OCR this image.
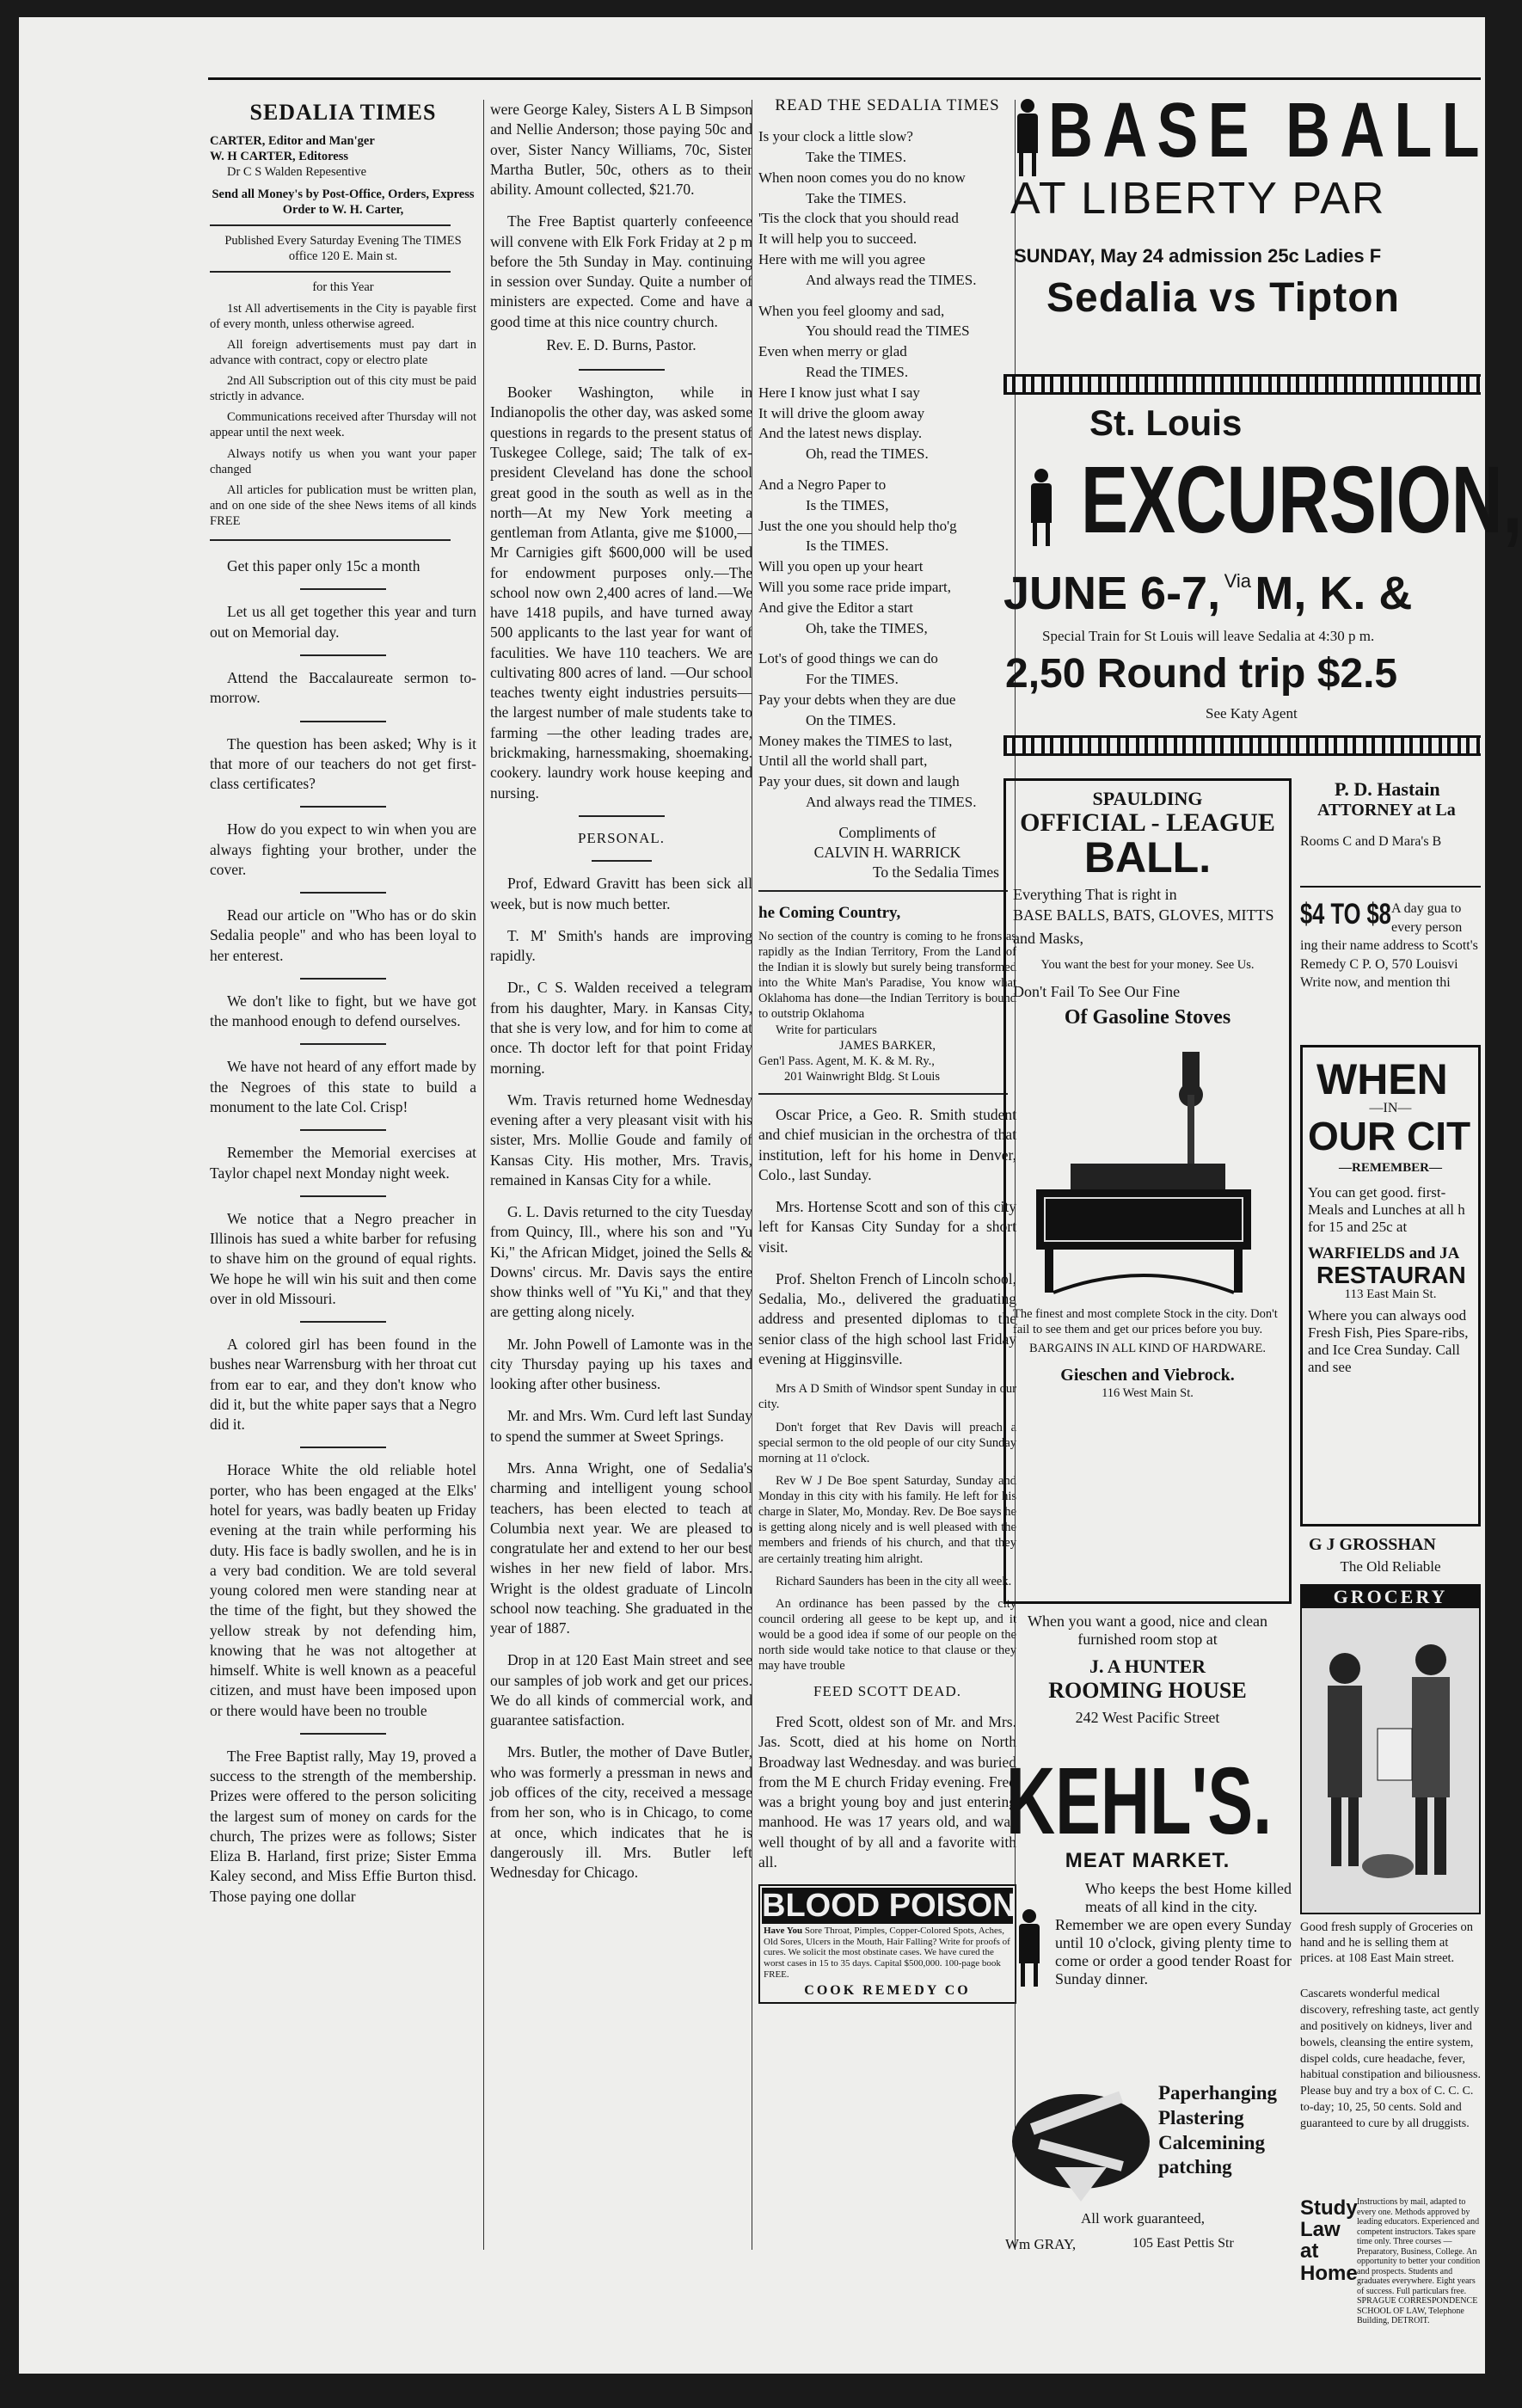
SEDALIA TIMES
CARTER, Editor and Man'ger
W. H CARTER, Editoress
Dr C S Walden Repesentive
Send all Money's by Post-Office, Orders, Express Order to W. H. Carter,
Published Every Saturday Evening The TIMES office 120 E. Main st.
for this Year

1st All advertisements in the City is payable first of every month, unless otherwise agreed.

All foreign advertisements must pay dart in advance with contract, copy or electro plate

2nd All Subscription out of this city must be paid strictly in advance.

Communications received after Thursday will not appear until the next week.

Always notify us when you want your paper changed

All articles for publication must be written plan, and on one side of the shee News items of all kinds FREE

Get this paper only 15c a month

Let us all get together this year and turn out on Memorial day.

Attend the Baccalaureate sermon to-morrow.

The question has been asked; Why is it that more of our teachers do not get first-class certificates?

How do you expect to win when you are always fighting your brother, under the cover.

Read our article on "Who has or do skin Sedalia people" and who has been loyal to her enterest.

We don't like to fight, but we have got the manhood enough to defend ourselves.

We have not heard of any effort made by the Negroes of this state to build a monument to the late Col. Crisp!

Remember the Memorial exercises at Taylor chapel next Monday night week.

We notice that a Negro preacher in Illinois has sued a white barber for refusing to shave him on the ground of equal rights. We hope he will win his suit and then come over in old Missouri.

A colored girl has been found in the bushes near Warrensburg with her throat cut from ear to ear, and they don't know who did it, but the white paper says that a Negro did it.

Horace White the old reliable hotel porter, who has been engaged at the Elks' hotel for years, was badly beaten up Friday evening at the train while performing his duty. His face is badly swollen, and he is in a very bad condition. We are told several young colored men were standing near at the time of the fight, but they showed the yellow streak by not defending him, knowing that he was not altogether at himself. White is well known as a peaceful citizen, and must have been imposed upon or there would have been no trouble

The Free Baptist rally, May 19, proved a success to the strength of the membership. Prizes were offered to the person soliciting the largest sum of money on cards for the church, The prizes were as follows; Sister Eliza B. Harland, first prize; Sister Emma Kaley second, and Miss Effie Burton thisd. Those paying one dollar

were George Kaley, Sisters A L B Simpson and Nellie Anderson; those paying 50c and over, Sister Nancy Williams, 70c, Sister Martha Butler, 50c, others as to their ability. Amount collected, $21.70.

The Free Baptist quarterly confeeence will convene with Elk Fork Friday at 2 p m before the 5th Sunday in May. continuing in session over Sunday. Quite a number of ministers are expected. Come and have a good time at this nice country church.

Rev. E. D. Burns, Pastor.

Booker Washington, while in Indianopolis the other day, was asked some questions in regards to the present status of Tuskegee College, said; The talk of ex-president Cleveland has done the school great good in the south as well as in the north—At my New York meeting a gentleman from Atlanta, give me $1000,—Mr Carnigies gift $600,000 will be used for endowment purposes only.—The school now own 2,400 acres of land.—We have 1418 pupils, and have turned away 500 applicants to the last year for want of faculities. We have 110 teachers. We are cultivating 800 acres of land. —Our school teaches twenty eight industries persuits—the largest number of male students take to farming —the other leading trades are, brickmaking, harnessmaking, shoemaking. cookery. laundry work house keeping and nursing.

PERSONAL.

Prof, Edward Gravitt has been sick all week, but is now much better.

T. M' Smith's hands are improving rapidly.

Dr., C S. Walden received a telegram from his daughter, Mary. in Kansas City, that she is very low, and for him to come at once. Th doctor left for that point Friday morning.

Wm. Travis returned home Wednesday evening after a very pleasant visit with his sister, Mrs. Mollie Goude and family of Kansas City. His mother, Mrs. Travis, remained in Kansas City for a while.

G. L. Davis returned to the city Tuesday from Quincy, Ill., where his son and "Yu Ki," the African Midget, joined the Sells & Downs' circus. Mr. Davis says the entire show thinks well of "Yu Ki," and that they are getting along nicely.

Mr. John Powell of Lamonte was in the city Thursday paying up his taxes and looking after other business.

Mr. and Mrs. Wm. Curd left last Sunday to spend the summer at Sweet Springs.

Mrs. Anna Wright, one of Sedalia's charming and intelligent young school teachers, has been elected to teach at Columbia next year. We are pleased to congratulate her and extend to her our best wishes in her new field of labor. Mrs. Wright is the oldest graduate of Lincoln school now teaching. She graduated in the year of 1887.

Drop in at 120 East Main street and see our samples of job work and get our prices. We do all kinds of commercial work, and guarantee satisfaction.

Mrs. Butler, the mother of Dave Butler, who was formerly a pressman in news and job offices of the city, received a message from her son, who is in Chicago, to come at once, which indicates that he is dangerously ill. Mrs. Butler left Wednesday for Chicago.

READ THE SEDALIA TIMES
Is your clock a little slow?
Take the TIMES.
When noon comes you do no know
Take the TIMES.
'Tis the clock that you should read
It will help you to succeed.
Here with me will you agree
And always read the TIMES.
When you feel gloomy and sad,
You should read the TIMES
Even when merry or glad
Read the TIMES.
Here I know just what I say
It will drive the gloom away
And the latest news display.
Oh, read the TIMES.
And a Negro Paper to
Is the TIMES,
Just the one you should help tho'g
Is the TIMES.
Will you open up your heart
Will you some race pride impart,
And give the Editor a start
Oh, take the TIMES,
Lot's of good things we can do
For the TIMES.
Pay your debts when they are due
On the TIMES.
Money makes the TIMES to last,
Until all the world shall part,
Pay your dues, sit down and laugh
And always read the TIMES.
Compliments of
CALVIN H. WARRICK
To the Sedalia Times
he Coming Country,
No section of the country is coming to he frons as rapidly as the Indian Territory, From the Land of the Indian it is slowly but surely being transformed into the White Man's Paradise, You know what Oklahoma has done—the Indian Territory is bound to outstrip Oklahoma
Write for particulars
JAMES BARKER,
Gen'l Pass. Agent, M. K. & M. Ry.,
201 Wainwright Bldg. St Louis

Oscar Price, a Geo. R. Smith student and chief musician in the orchestra of that institution, left for his home in Denver, Colo., last Sunday.

Mrs. Hortense Scott and son of this city left for Kansas City Sunday for a short visit.

Prof. Shelton French of Lincoln school, Sedalia, Mo., delivered the graduating address and presented diplomas to the senior class of the high school last Friday evening at Higginsville.

Mrs A D Smith of Windsor spent Sunday in our city.

Don't forget that Rev Davis will preach a special sermon to the old people of our city Sunday morning at 11 o'clock.

Rev W J De Boe spent Saturday, Sunday and Monday in this city with his family. He left for his charge in Slater, Mo, Monday. Rev. De Boe says he is getting along nicely and is well pleased with the members and friends of his church, and that they are certainly treating him alright.

Richard Saunders has been in the city all week.

An ordinance has been passed by the city council ordering all geese to be kept up, and it would be a good idea if some of our people on the north side would take notice to that clause or they may have trouble

FEED SCOTT DEAD.

Fred Scott, oldest son of Mr. and Mrs. Jas. Scott, died at his home on North Broadway last Wednesday. and was buried from the M E church Friday evening. Fred was a bright young boy and just entering manhood. He was 17 years old, and was well thought of by all and a favorite with all.

BLOOD POISON
Have You Sore Throat, Pimples, Copper-Colored Spots, Aches, Old Sores, Ulcers in the Mouth, Hair Falling? Write for proofs of cures. We solicit the most obstinate cases. We have cured the worst cases in 15 to 35 days. Capital $500,000. 100-page book FREE.
COOK REMEDY CO
BASE BALL
AT LIBERTY PAR
SUNDAY, May 24 admission 25c Ladies F
Sedalia vs Tipton
St. Louis
EXCURSION,
JUNE 6-7, Via M, K. &
Special Train for St Louis will leave Sedalia at 4:30 p m.
2,50 Round trip $2.5
See Katy Agent
SPAULDING
OFFICIAL - LEAGUE
BALL.
Everything That is right in
BASE BALLS, BATS, GLOVES, MITTS and Masks,
You want the best for your money. See Us.
Don't Fail To See Our Fine
Of Gasoline Stoves
The finest and most complete Stock in the city. Don't fail to see them and get our prices before you buy.
BARGAINS IN ALL KIND OF HARDWARE.
Gieschen and Viebrock.
116 West Main St.
P. D. Hastain
ATTORNEY at La
Rooms C and D Mara's B
$4 TO $8 A day gua to every person ing their name address to Scott's Remedy C P. O, 570 Louisvi Write now, and mention thi
WHEN
—IN—
OUR CIT
—REMEMBER—
You can get good. first-Meals and Lunches at all h for 15 and 25c at
WARFIELDS and JA
RESTAURAN
113 East Main St.
Where you can always ood Fresh Fish, Pies Spare-ribs, and Ice Crea Sunday. Call and see
When you want a good, nice and clean furnished room stop at
J. A HUNTER
ROOMING HOUSE
242 West Pacific Street
G J GROSSHAN
The Old Reliable
GROCERY
Good fresh supply of Groceries on hand and he is selling them at prices. at 108 East Main street.
KEHL'S.
MEAT MARKET.
Who keeps the best Home killed meats of all kind in the city.
Remember we are open every Sunday until 10 o'clock, giving plenty time to come or order a good tender Roast for Sunday dinner.
Cascarets wonderful medical discovery, refreshing taste, act gently and positively on kidneys, liver and bowels, cleansing the entire system, dispel colds, cure headache, fever, habitual constipation and biliousness. Please buy and try a box of C. C. C. to-day; 10, 25, 50 cents. Sold and guaranteed to cure by all druggists.
Paperhanging
Plastering
Calcemining
patching
All work guaranteed,
Wm GRAY,	105 East Pettis Str
Study Law at Home
Instructions by mail, adapted to every one. Methods approved by leading educators. Experienced and competent instructors. Takes spare time only. Three courses — Preparatory, Business, College. An opportunity to better your condition and prospects. Students and graduates everywhere. Eight years of success. Full particulars free. SPRAGUE CORRESPONDENCE SCHOOL OF LAW, Telephone Building, DETROIT.
